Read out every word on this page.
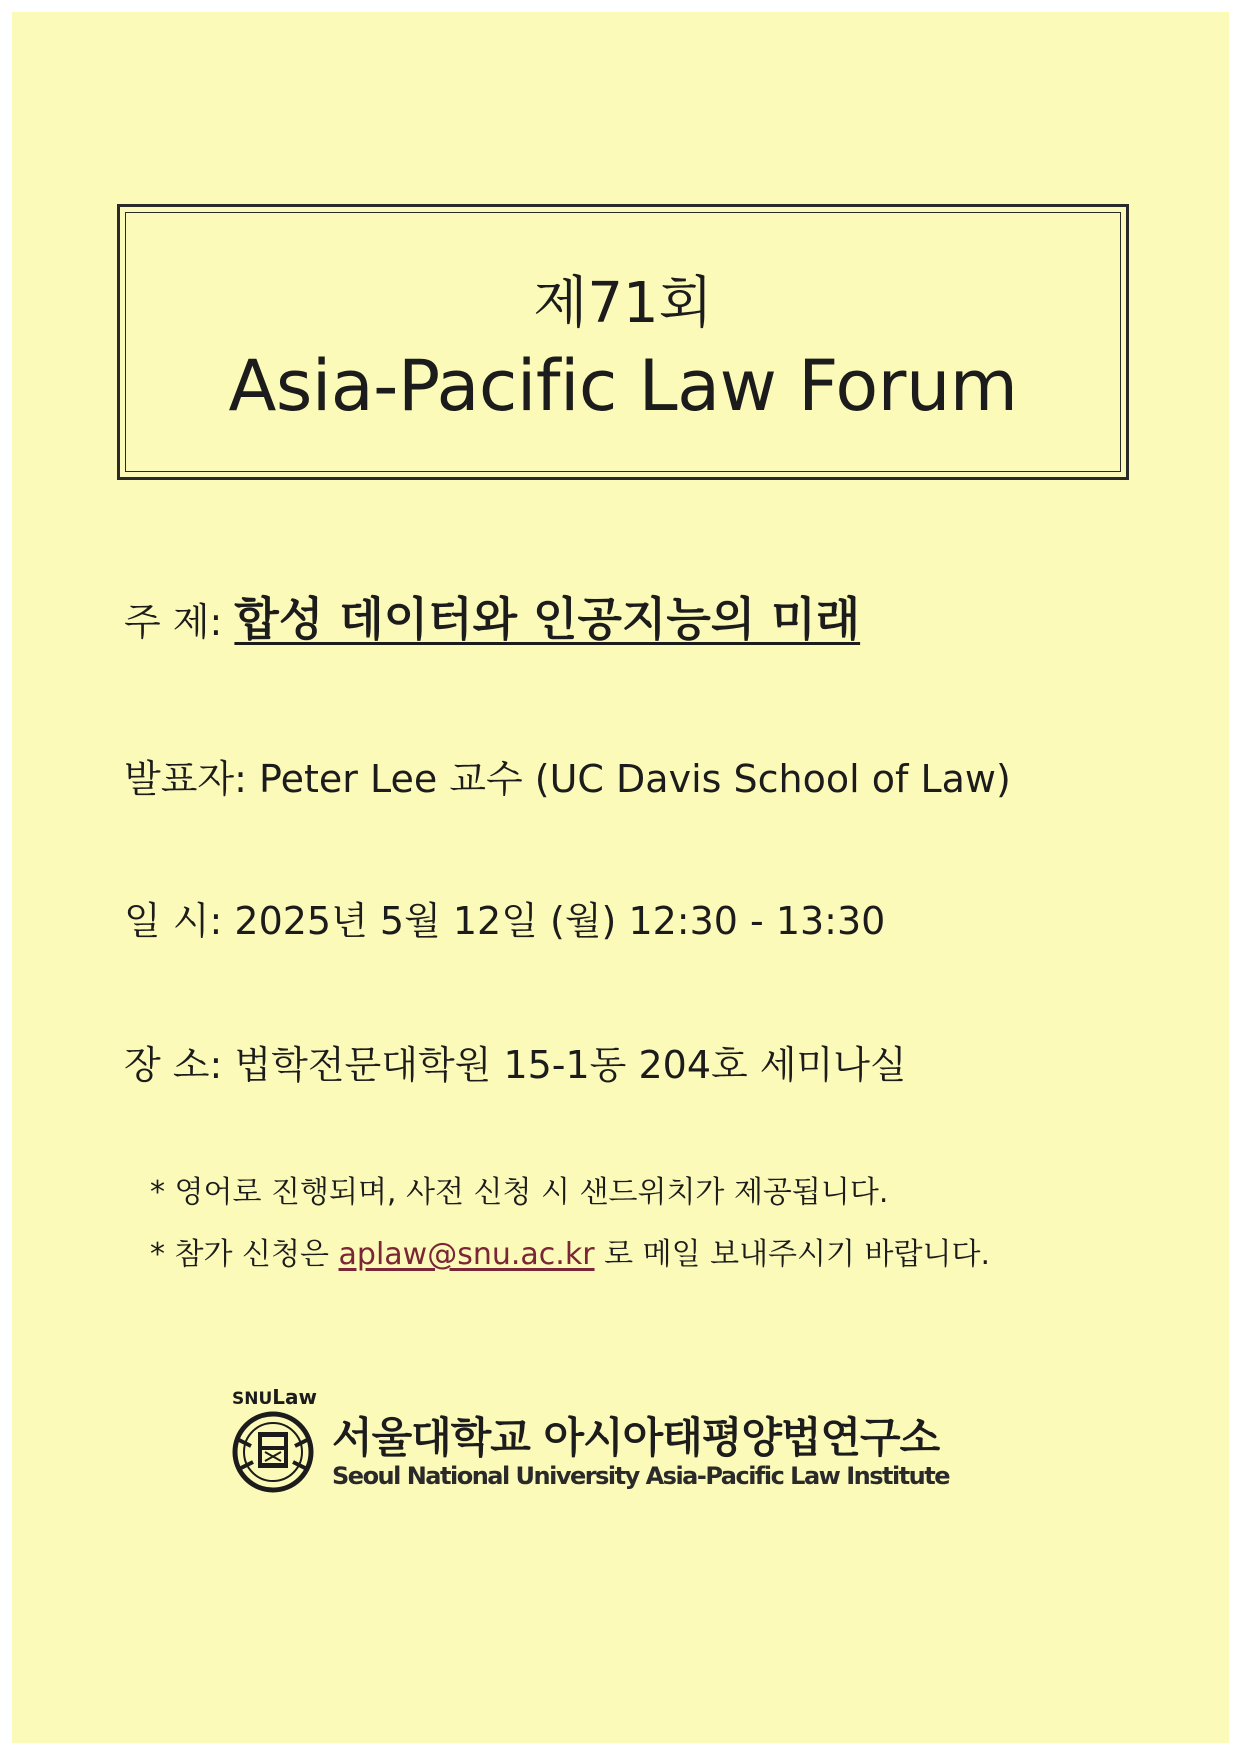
제71회
Asia-Pacific Law Forum
주 제: 합성 데이터와 인공지능의 미래
발표자: Peter Lee 교수 (UC Davis School of Law)
일 시: 2025년 5월 12일 (월) 12:30 - 13:30
장 소: 법학전문대학원 15-1동 204호 세미나실
* 영어로 진행되며, 사전 신청 시 샌드위치가 제공됩니다.
* 참가 신청은 aplaw@snu.ac.kr 로 메일 보내주시기 바랍니다.
SNULaw
서울대학교 아시아태평양법연구소
Seoul National University Asia-Pacific Law Institute
